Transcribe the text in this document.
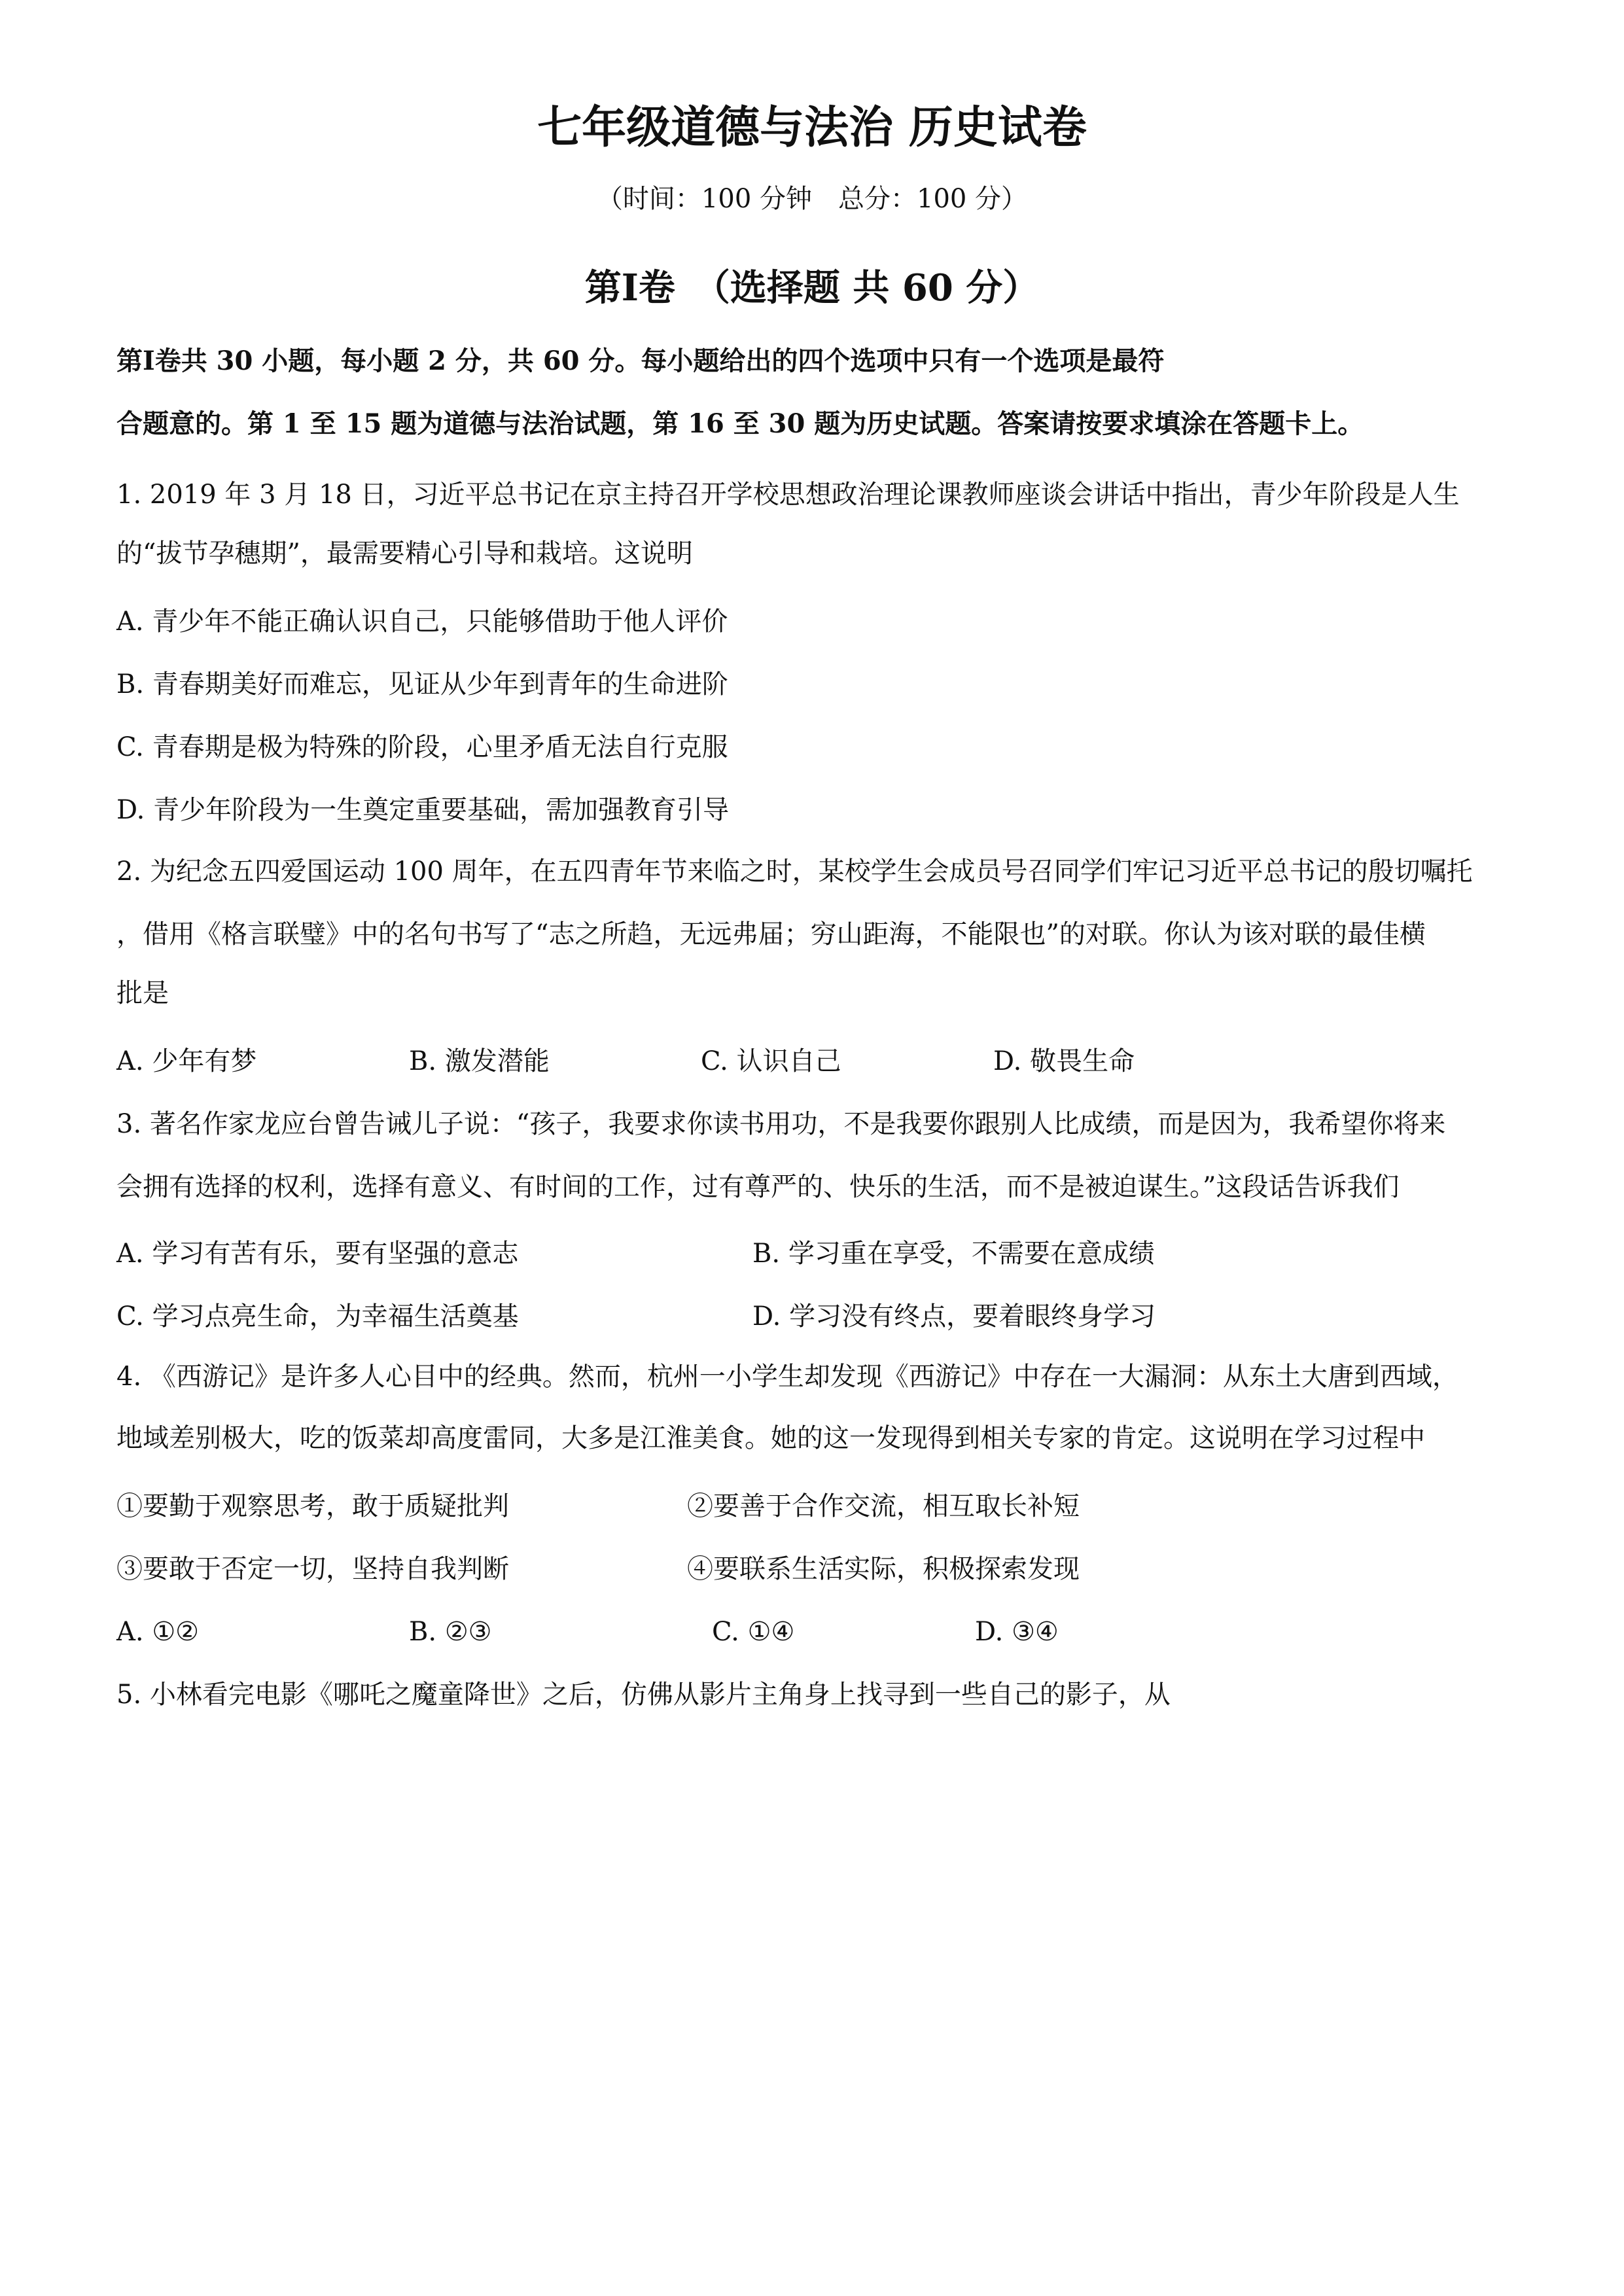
七年级道德与法治 历史试卷
（时间：100 分钟　总分：100 分）
第Ⅰ卷　（选择题 共 60 分）
第Ⅰ卷共 30 小题，每小题 2 分，共 60 分。每小题给出的四个选项中只有一个选项是最符
合题意的。第 1 至 15 题为道德与法治试题，第 16 至 30 题为历史试题。答案请按要求填涂在答题卡上。
1. 2019 年 3 月 18 日，习近平总书记在京主持召开学校思想政治理论课教师座谈会讲话中指出，青少年阶段是人生
的“拔节孕穗期”，最需要精心引导和栽培。这说明
A. 青少年不能正确认识自己，只能够借助于他人评价
B. 青春期美好而难忘，见证从少年到青年的生命进阶
C. 青春期是极为特殊的阶段，心里矛盾无法自行克服
D. 青少年阶段为一生奠定重要基础，需加强教育引导
2. 为纪念五四爱国运动 100 周年，在五四青年节来临之时，某校学生会成员号召同学们牢记习近平总书记的殷切嘱托
，借用《格言联璧》中的名句书写了“志之所趋，无远弗届；穷山距海，不能限也”的对联。你认为该对联的最佳横
批是
A. 少年有梦	B. 激发潜能	C. 认识自己	D. 敬畏生命
3. 著名作家龙应台曾告诫儿子说：“孩子，我要求你读书用功，不是我要你跟别人比成绩，而是因为，我希望你将来
会拥有选择的权利，选择有意义、有时间的工作，过有尊严的、快乐的生活，而不是被迫谋生。”这段话告诉我们
A. 学习有苦有乐，要有坚强的意志	B. 学习重在享受，不需要在意成绩
C. 学习点亮生命，为幸福生活奠基	D. 学习没有终点，要着眼终身学习
4. 《西游记》是许多人心目中的经典。然而，杭州一小学生却发现《西游记》中存在一大漏洞：从东土大唐到西域，
地域差别极大，吃的饭菜却高度雷同，大多是江淮美食。她的这一发现得到相关专家的肯定。这说明在学习过程中
①要勤于观察思考，敢于质疑批判	②要善于合作交流，相互取长补短
③要敢于否定一切，坚持自我判断	④要联系生活实际，积极探索发现
A. ①②	B. ②③	C. ①④	D. ③④
5. 小林看完电影《哪吒之魔童降世》之后，仿佛从影片主角身上找寻到一些自己的影子，从
